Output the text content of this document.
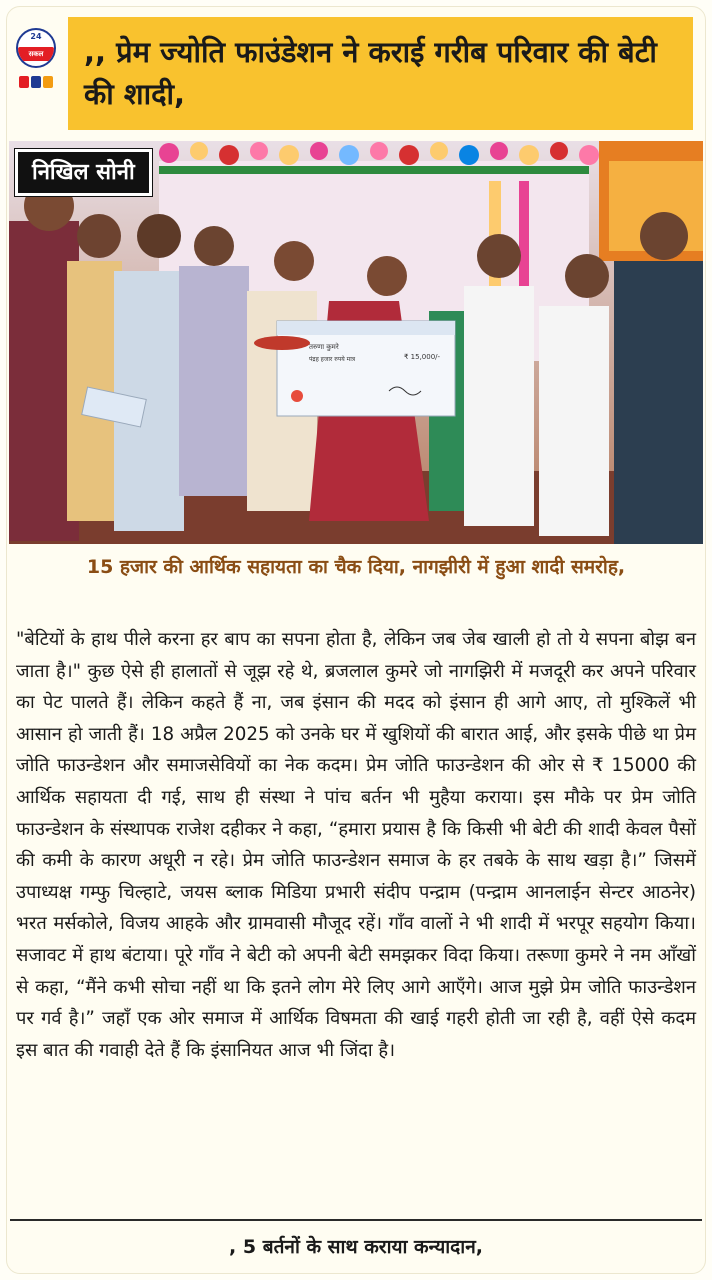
24
सकल	,, प्रेम ज्योति फाउंडेशन ने कराई गरीब परिवार की बेटी की शादी,
तरुणा कुमरे
पंद्रह हजार रुपये मात्र	₹ 15,000/-
निखिल सोनी
15 हजार की आर्थिक सहायता का चैक दिया, नागझीरी में हुआ शादी समरोह,
"बेटियों के हाथ पीले करना हर बाप का सपना होता है, लेकिन जब जेब खाली हो तो ये सपना बोझ बन जाता है।" कुछ ऐसे ही हालातों से जूझ रहे थे, ब्रजलाल कुमरे जो नागझिरी में मजदूरी कर अपने परिवार का पेट पालते हैं। लेकिन कहते हैं ना, जब इंसान की मदद को इंसान ही आगे आए, तो मुश्किलें भी आसान हो जाती हैं। 18 अप्रैल 2025 को उनके घर में खुशियों की बारात आई, और इसके पीछे था प्रेम जोति फाउन्डेशन और समाजसेवियों का नेक कदम। प्रेम जोति फाउन्डेशन की ओर से ₹ 15000 की आर्थिक सहायता दी गई, साथ ही संस्था ने पांच बर्तन भी मुहैया कराया। इस मौके पर प्रेम जोति फाउन्डेशन के संस्थापक राजेश दहीकर ने कहा, “हमारा प्रयास है कि किसी भी बेटी की शादी केवल पैसों की कमी के कारण अधूरी न रहे। प्रेम जोति फाउन्डेशन समाज के हर तबके के साथ खड़ा है।” जिसमें उपाध्यक्ष गम्फु चिल्हाटे, जयस ब्लाक मिडिया प्रभारी संदीप पन्द्राम (पन्द्राम आनलाईन सेन्टर आठनेर) भरत मर्सकोले, विजय आहके और ग्रामवासी मौजूद रहें। गाँव वालों ने भी शादी में भरपूर सहयोग किया। सजावट में हाथ बंटाया। पूरे गाँव ने बेटी को अपनी बेटी समझकर विदा किया। तरूणा कुमरे ने नम आँखों से कहा, “मैंने कभी सोचा नहीं था कि इतने लोग मेरे लिए आगे आएँगे। आज मुझे प्रेम जोति फाउन्डेशन पर गर्व है।” जहाँ एक ओर समाज में आर्थिक विषमता की खाई गहरी होती जा रही है, वहीं ऐसे कदम इस बात की गवाही देते हैं कि इंसानियत आज भी जिंदा है।
, 5 बर्तनों के साथ कराया कन्यादान,
